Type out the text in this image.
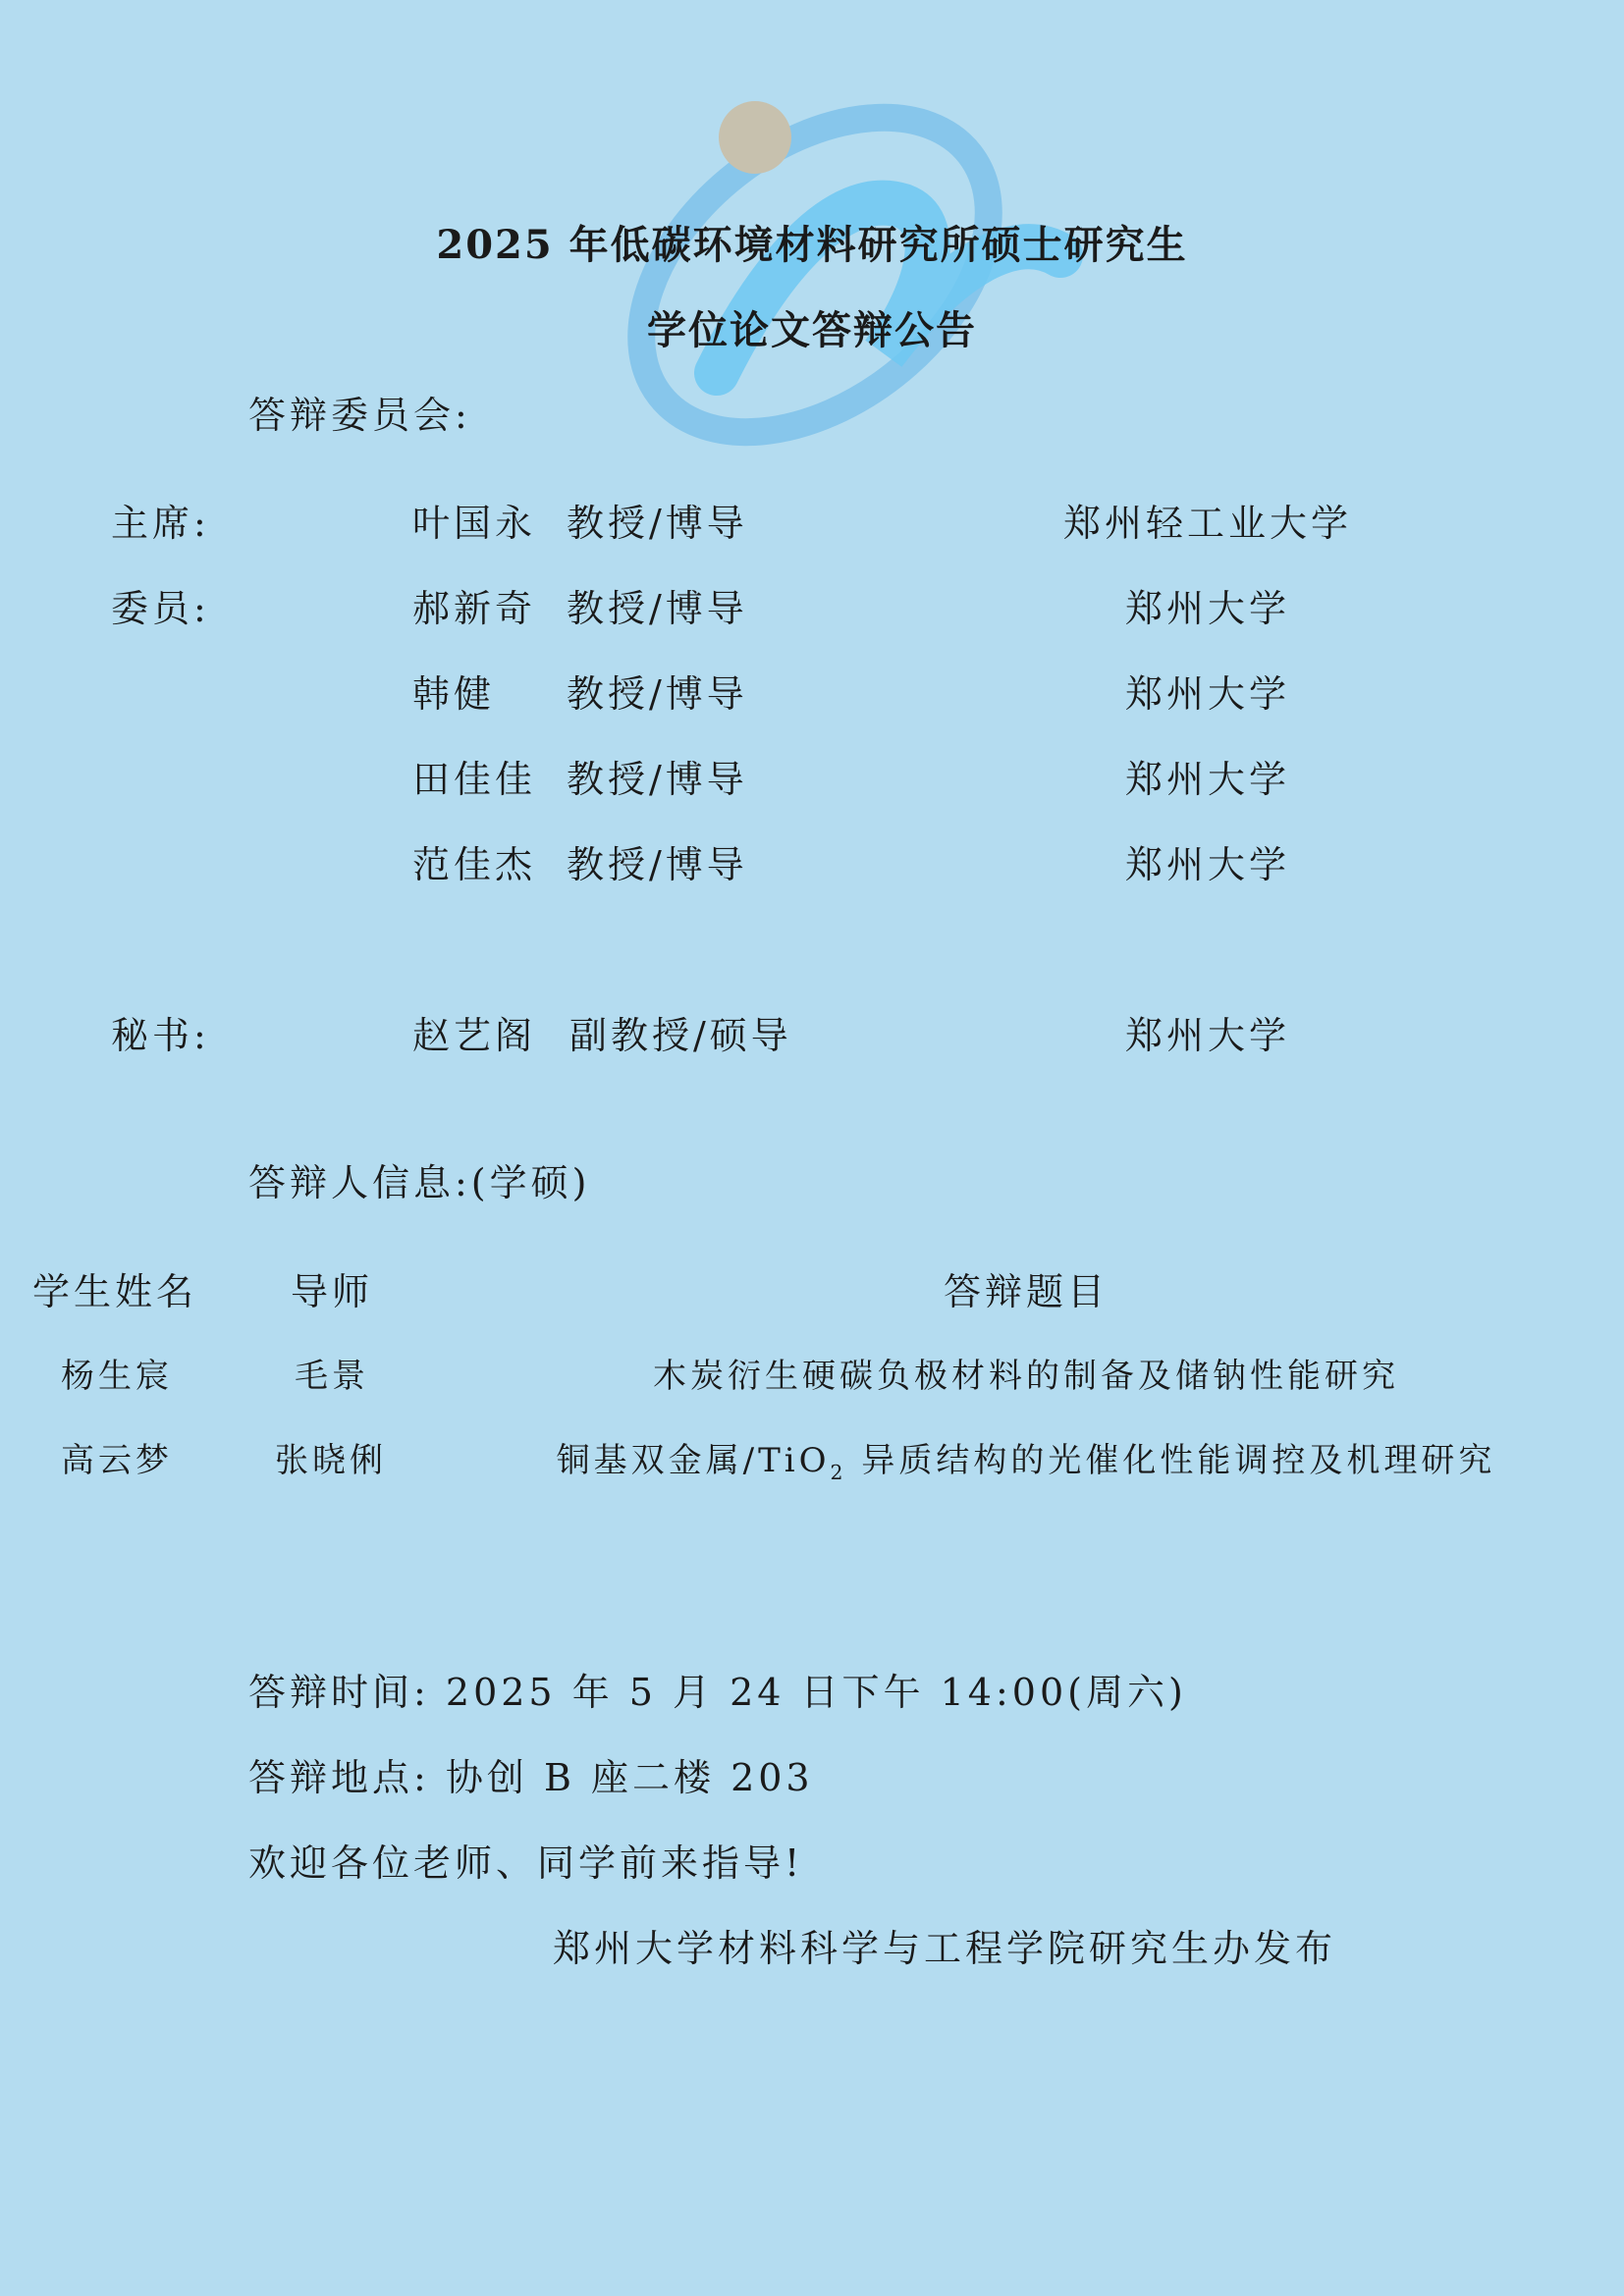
2025 年低碳环境材料研究所硕士研究生
学位论文答辩公告
答辩委员会:
主席:	叶国永 教授/博导	郑州轻工业大学
委员:	郝新奇 教授/博导	郑州大学
韩健 教授/博导	郑州大学
田佳佳 教授/博导	郑州大学
范佳杰 教授/博导	郑州大学
秘书:	赵艺阁 副教授/硕导	郑州大学
答辩人信息:(学硕)
学生姓名 导师	答辩题目
杨生宸	毛景	木炭衍生硬碳负极材料的制备及储钠性能研究
高云梦	张晓俐	铜基双金属/TiO$_2$ 异质结构的光催化性能调控及机理研究
答辩时间: 2025 年 5 月 24 日下午 14:00(周六)
答辩地点: 协创 B 座二楼 203
欢迎各位老师、同学前来指导!
郑州大学材料科学与工程学院研究生办发布
